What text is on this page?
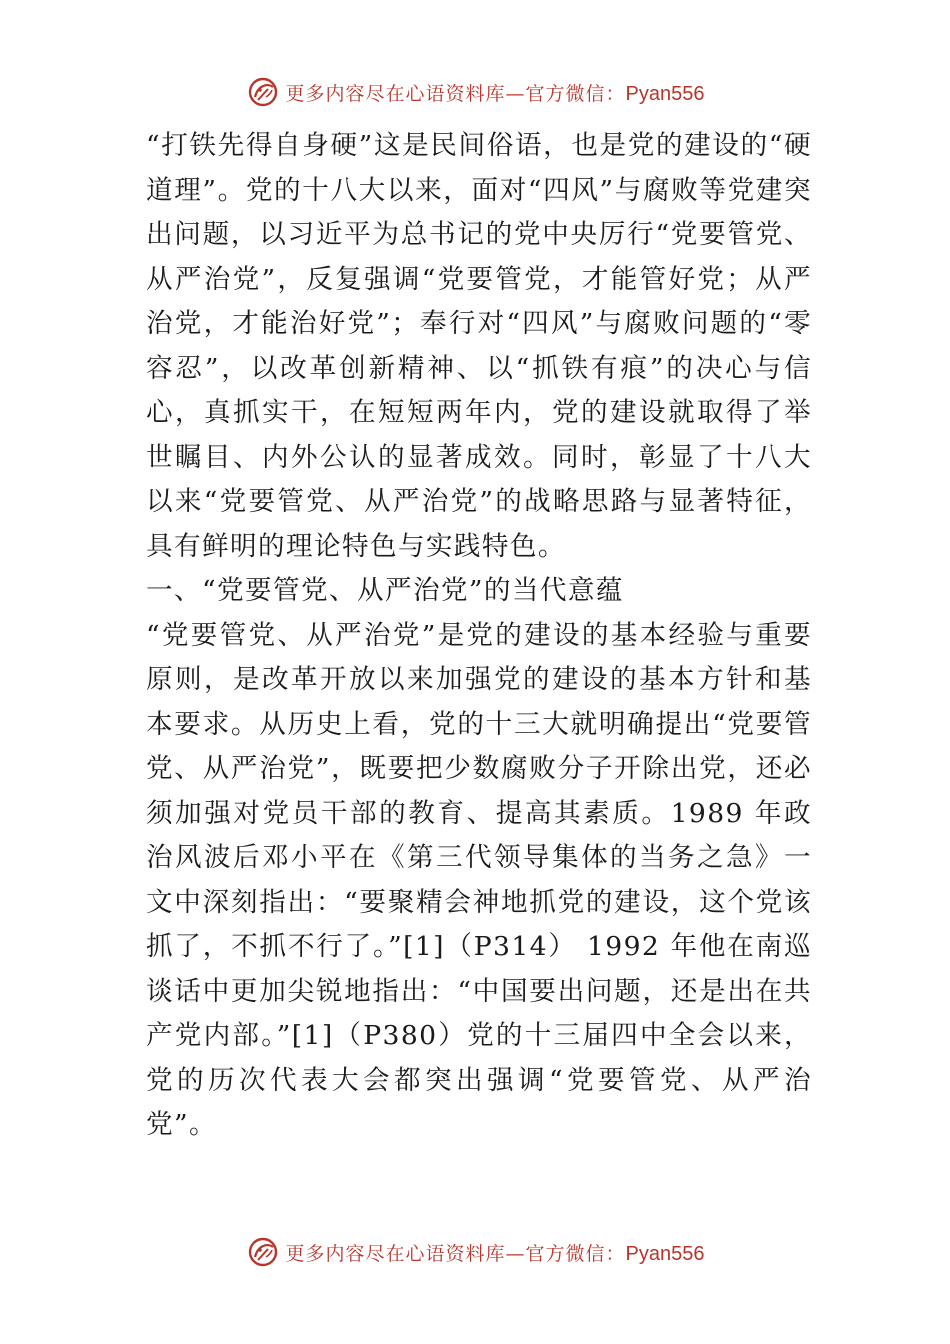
更多内容尽在心语资料库—官方微信：Pyan556

“打铁先得自身硬”这是民间俗语，也是党的建设的“硬道理”。党的十八大以来，面对“四风”与腐败等党建突出问题，以习近平为总书记的党中央厉行“党要管党、从严治党”，反复强调“党要管党，才能管好党；从严治党，才能治好党”；奉行对“四风”与腐败问题的“零容忍”，以改革创新精神、以“抓铁有痕”的决心与信心，真抓实干，在短短两年内，党的建设就取得了举世瞩目、内外公认的显著成效。同时，彰显了十八大以来“党要管党、从严治党”的战略思路与显著特征，具有鲜明的理论特色与实践特色。

一、“党要管党、从严治党”的当代意蕴

“党要管党、从严治党”是党的建设的基本经验与重要原则，是改革开放以来加强党的建设的基本方针和基本要求。从历史上看，党的十三大就明确提出“党要管党、从严治党”，既要把少数腐败分子开除出党，还必须加强对党员干部的教育、提高其素质。1989 年政治风波后邓小平在《第三代领导集体的当务之急》一文中深刻指出：“要聚精会神地抓党的建设，这个党该抓了，不抓不行了。”[1]（P314） 1992 年他在南巡谈话中更加尖锐地指出：“中国要出问题，还是出在共产党内部。”[1]（P380）党的十三届四中全会以来，党的历次代表大会都突出强调“党要管党、从严治党”。

更多内容尽在心语资料库—官方微信：Pyan556
